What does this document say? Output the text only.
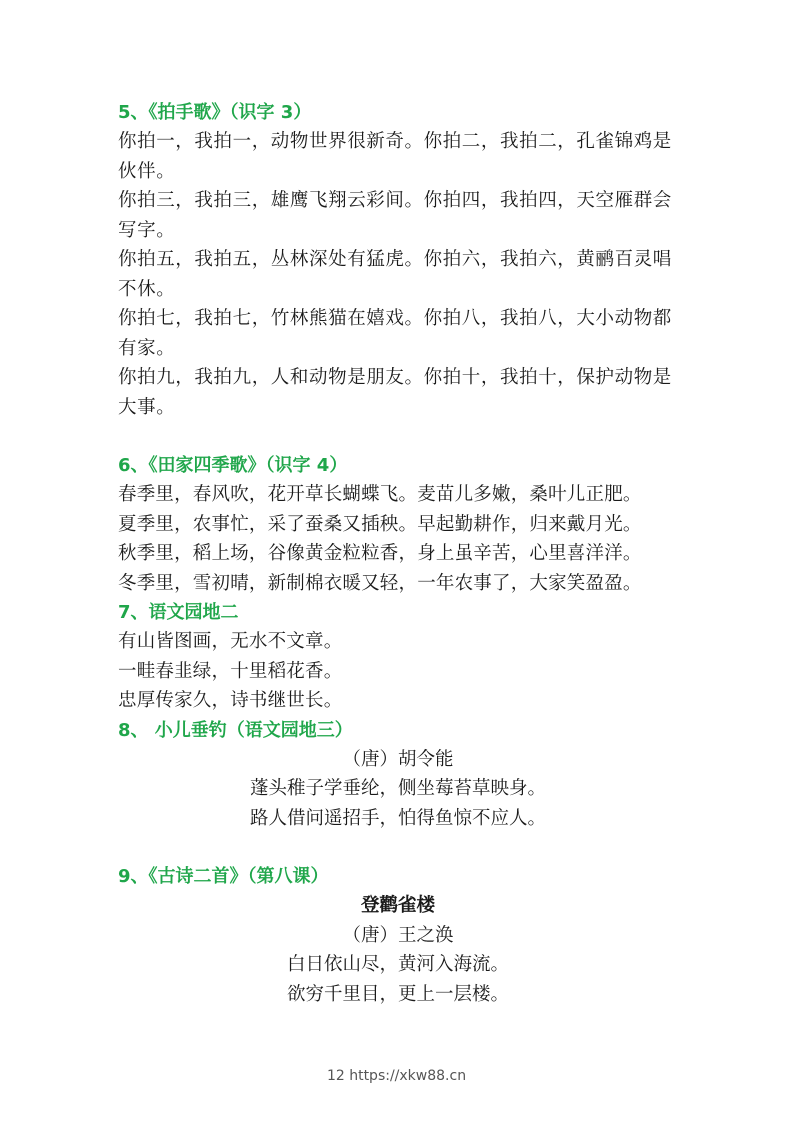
5、《拍手歌》（识字 3）

你拍一，我拍一，动物世界很新奇。你拍二，我拍二，孔雀锦鸡是伙伴。

你拍三，我拍三，雄鹰飞翔云彩间。你拍四，我拍四，天空雁群会写字。

你拍五，我拍五，丛林深处有猛虎。你拍六，我拍六，黄鹂百灵唱不休。

你拍七，我拍七，竹林熊猫在嬉戏。你拍八，我拍八，大小动物都有家。

你拍九，我拍九，人和动物是朋友。你拍十，我拍十，保护动物是大事。

6、《田家四季歌》（识字 4）
春季里，春风吹，花开草长蝴蝶飞。麦苗儿多嫩，桑叶儿正肥。
夏季里，农事忙，采了蚕桑又插秧。早起勤耕作，归来戴月光。
秋季里，稻上场，谷像黄金粒粒香，身上虽辛苦，心里喜洋洋。
冬季里，雪初晴，新制棉衣暖又轻，一年农事了，大家笑盈盈。
7、语文园地二
有山皆图画，无水不文章。
一畦春韭绿，十里稻花香。
忠厚传家久，诗书继世长。
8、 小儿垂钓（语文园地三）
（唐）胡令能
蓬头稚子学垂纶，侧坐莓苔草映身。
路人借问遥招手，怕得鱼惊不应人。
9、《古诗二首》（第八课）
登鹳雀楼
（唐）王之涣
白日依山尽，黄河入海流。
欲穷千里目，更上一层楼。
12 https://xkw88.cn
